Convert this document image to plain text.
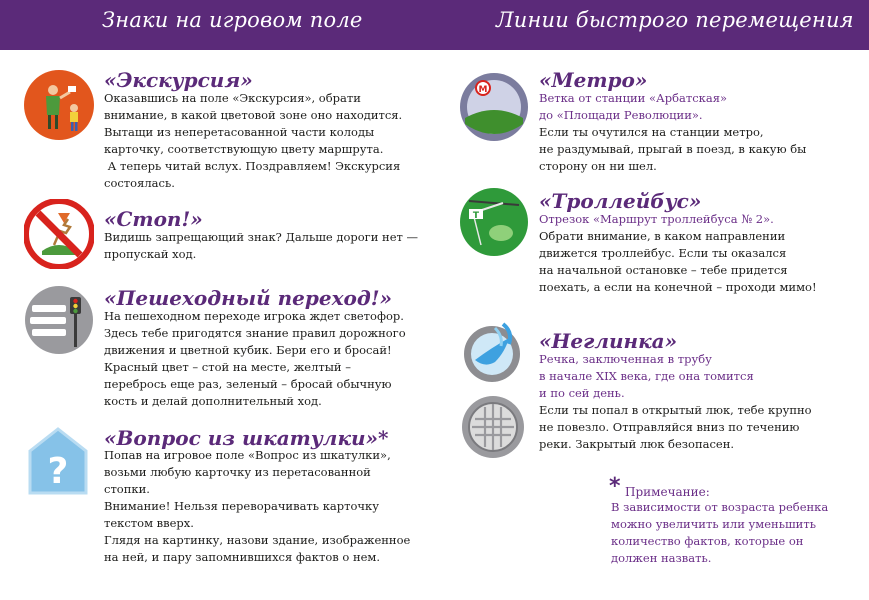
Знаки на игровом поле	Линии быстрого перемещения
«Экскурсия»
Оказавшись на поле «Экскурсия», обрати
внимание, в какой цветовой зоне оно находится.
Вытащи из неперетасованной части колоды
карточку, соответствующую цвету маршрута.
А теперь читай вслух. Поздравляем! Экскурсия
состоялась.
«Стоп!»
Видишь запрещающий знак? Дальше дороги нет —
пропускай ход.
«Пешеходный переход!»
На пешеходном переходе игрока ждет светофор.
Здесь тебе пригодятся знание правил дорожного
движения и цветной кубик. Бери его и бросай!
Красный цвет – стой на месте, желтый –
перебрось еще раз, зеленый – бросай обычную
кость и делай дополнительный ход.
?
«Вопрос из шкатулки»*
Попав на игровое поле «Вопрос из шкатулки»,
возьми любую карточку из перетасованной
стопки.
Внимание! Нельзя переворачивать карточку
текстом вверх.
Глядя на картинку, назови здание, изображенное
на ней, и пару запомнившихся фактов о нем.
M	«Метро»
Ветка от станции «Арбатская»
до «Площади Революции».
Если ты очутился на станции метро,
не раздумывай, прыгай в поезд, в какую бы
сторону он ни шел.
T
«Троллейбус»
Отрезок «Маршрут троллейбуса № 2».
Обрати внимание, в каком направлении
движется троллейбус. Если ты оказался
на начальной остановке – тебе придется
поехать, а если на конечной – проходи мимо!
«Неглинка»
Речка, заключенная в трубу
в начале XIX века, где она томится
и по сей день.
Если ты попал в открытый люк, тебе крупно
не повезло. Отправляйся вниз по течению
реки. Закрытый люк безопасен.
* Примечание:
В зависимости от возраста ребенка
можно увеличить или уменьшить
количество фактов, которые он
должен назвать.
